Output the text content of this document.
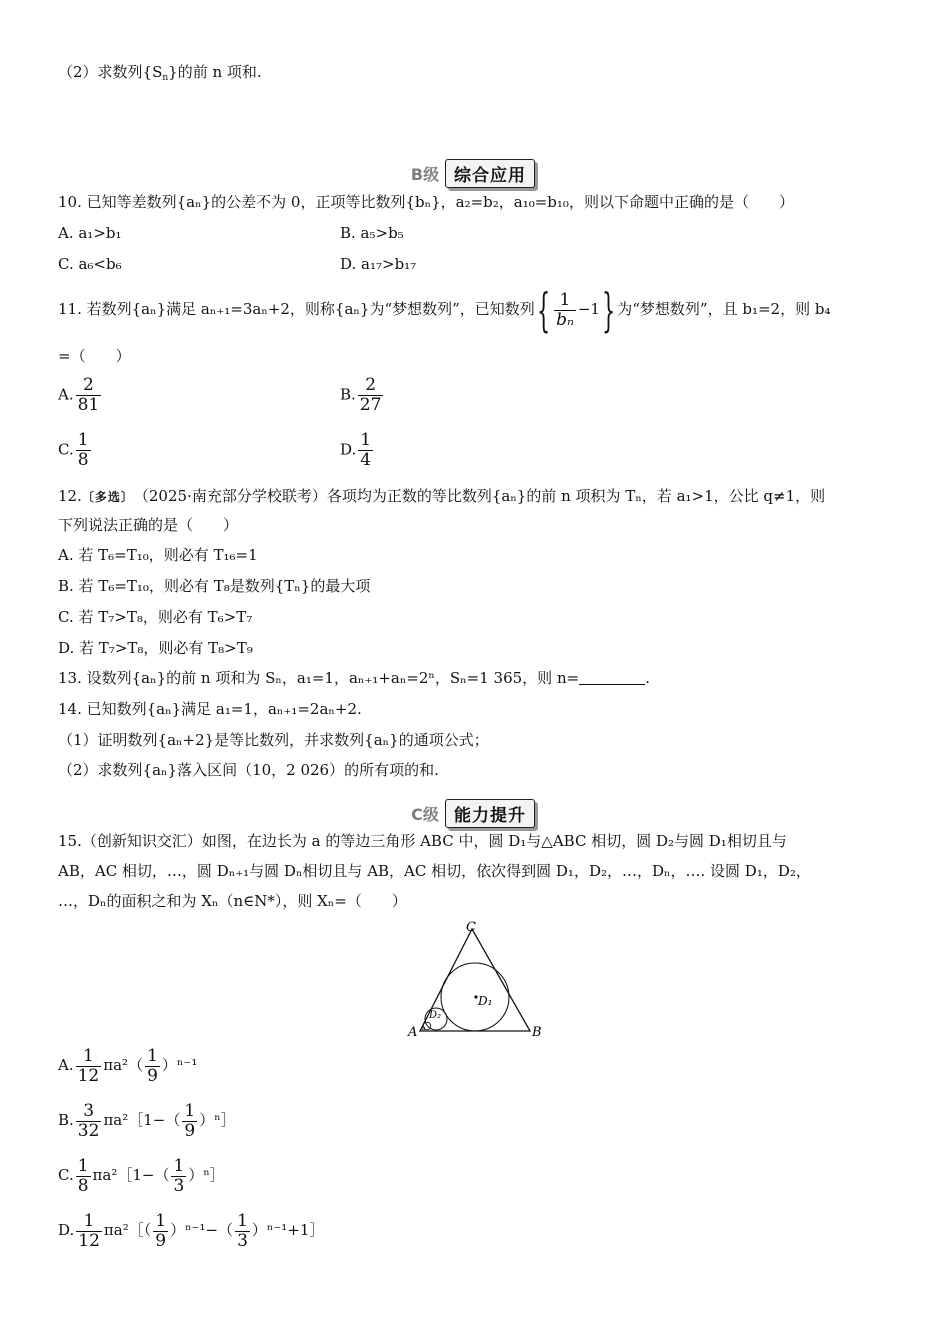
（2）求数列$\{S_n\}$的前 n 项和.
B级 综合应用
10. 已知等差数列{aₙ}的公差不为 0，正项等比数列{bₙ}，a₂=b₂，a₁₀=b₁₀，则以下命题中正确的是（　　）
A. a₁>b₁	B. a₅>b₅
C. a₆<b₆	D. a₁₇>b₁₇
11. 若数列{aₙ}满足 aₙ₊₁=3aₙ+2，则称{aₙ}为“梦想数列”，已知数列{ $\frac{1}{\text{bₙ}} -1$} 为“梦想数列”，且 b₁=2，则 b₄
=（　　）
A. $\frac{2}{81}$	B. $\frac{2}{27}$
C. $\frac{1}{8}$	D. $\frac{1}{4}$
12.〔多选〕（2025·南充部分学校联考）各项均为正数的等比数列{aₙ}的前 n 项积为 Tₙ，若 a₁>1，公比 q≠1，则
下列说法正确的是（　　）
A. 若 T₆=T₁₀，则必有 T₁₆=1
B. 若 T₆=T₁₀，则必有 T₈是数列{Tₙ}的最大项
C. 若 T₇>T₈，则必有 T₆>T₇
D. 若 T₇>T₈，则必有 T₈>T₉
13. 设数列{aₙ}的前 n 项和为 Sₙ，a₁=1，aₙ₊₁+aₙ=2ⁿ，Sₙ=1 365，则 n=	.
14. 已知数列{aₙ}满足 a₁=1，aₙ₊₁=2aₙ+2.
（1）证明数列{aₙ+2}是等比数列，并求数列{aₙ}的通项公式；
（2）求数列{aₙ}落入区间（10，2 026）的所有项的和.
C级 能力提升
15.（创新知识交汇）如图，在边长为 a 的等边三角形 ABC 中，圆 D₁与△ABC 相切，圆 D₂与圆 D₁相切且与
AB，AC 相切，…，圆 Dₙ₊₁与圆 Dₙ相切且与 AB，AC 相切，依次得到圆 D₁，D₂，…，Dₙ，…. 设圆 D₁，D₂，
…，Dₙ的面积之和为 Xₙ（n∈N*），则 Xₙ=（　　）
C
A	B
D₁
D₂
A. $\frac{1}{12} \pi a^2( \frac{1}{9} )^{n-1}$
B. $\frac{3}{32}$ πa²［1−（ $\frac{1}{9}$ ）ⁿ］
C. $\frac{1}{8}$ πa²［1−（ $\frac{1}{3}$ ）ⁿ］
D. $\frac{1}{12}$ πa²［（ $\frac{1}{9} )^{n-1}-( \frac{1}{3}$ ）ⁿ⁻¹+1］
